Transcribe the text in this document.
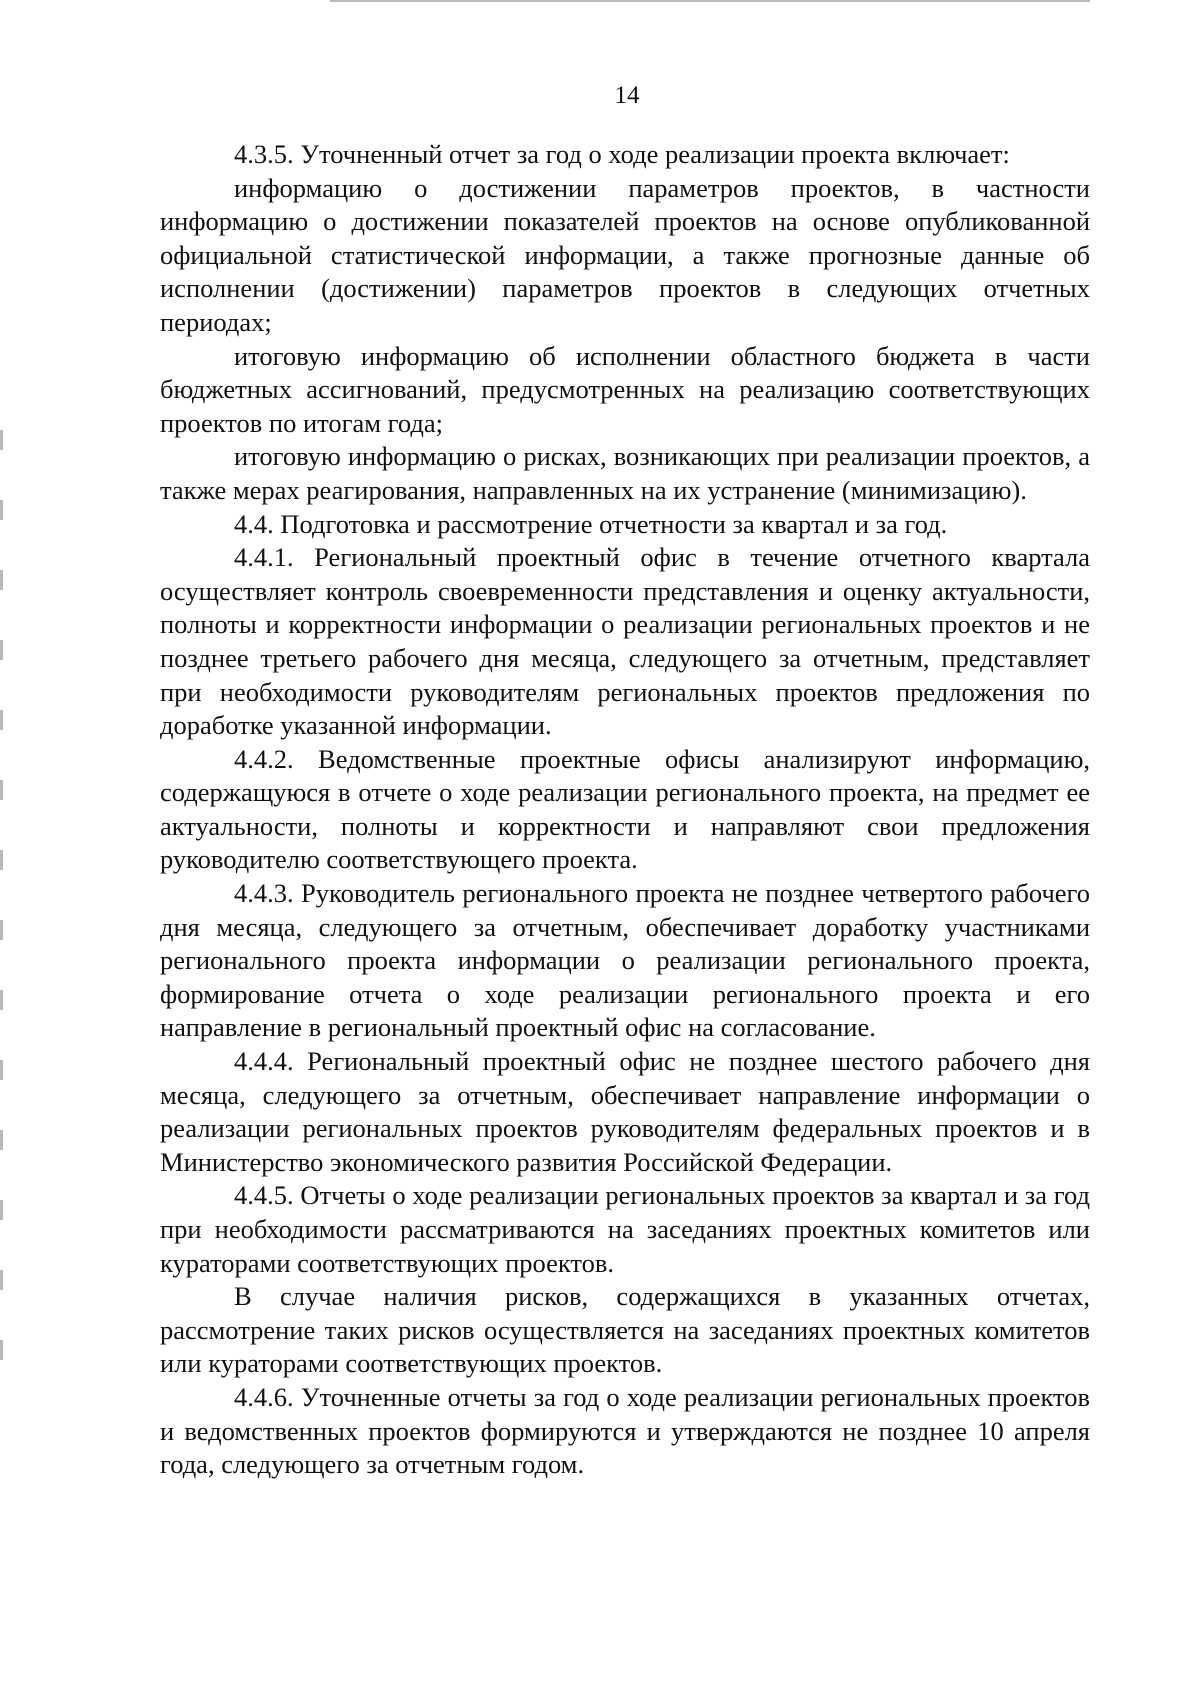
14

4.3.5. Уточненный отчет за год о ходе реализации проекта включает:

информацию о достижении параметров проектов, в частности информацию о достижении показателей проектов на основе опубликованной официальной статистической информации, а также прогнозные данные об исполнении (достижении) параметров проектов в следующих отчетных периодах;

итоговую информацию об исполнении областного бюджета в части бюджетных ассигнований, предусмотренных на реализацию соответствующих проектов по итогам года;

итоговую информацию о рисках, возникающих при реализации проектов, а также мерах реагирования, направленных на их устранение (минимизацию).

4.4. Подготовка и рассмотрение отчетности за квартал и за год.

4.4.1. Региональный проектный офис в течение отчетного квартала осуществляет контроль своевременности представления и оценку актуальности, полноты и корректности информации о реализации региональных проектов и не позднее третьего рабочего дня месяца, следующего за отчетным, представляет при необходимости руководителям региональных проектов предложения по доработке указанной информации.

4.4.2. Ведомственные проектные офисы анализируют информацию, содержащуюся в отчете о ходе реализации регионального проекта, на предмет ее актуальности, полноты и корректности и направляют свои предложения руководителю соответствующего проекта.

4.4.3. Руководитель регионального проекта не позднее четвертого рабочего дня месяца, следующего за отчетным, обеспечивает доработку участниками регионального проекта информации о реализации регионального проекта, формирование отчета о ходе реализации регионального проекта и его направление в региональный проектный офис на согласование.

4.4.4. Региональный проектный офис не позднее шестого рабочего дня месяца, следующего за отчетным, обеспечивает направление информации о реализации региональных проектов руководителям федеральных проектов и в Министерство экономического развития Российской Федерации.

4.4.5. Отчеты о ходе реализации региональных проектов за квартал и за год при необходимости рассматриваются на заседаниях проектных комитетов или кураторами соответствующих проектов.

В случае наличия рисков, содержащихся в указанных отчетах, рассмотрение таких рисков осуществляется на заседаниях проектных комитетов или кураторами соответствующих проектов.

4.4.6. Уточненные отчеты за год о ходе реализации региональных проектов и ведомственных проектов формируются и утверждаются не позднее 10 апреля года, следующего за отчетным годом.
